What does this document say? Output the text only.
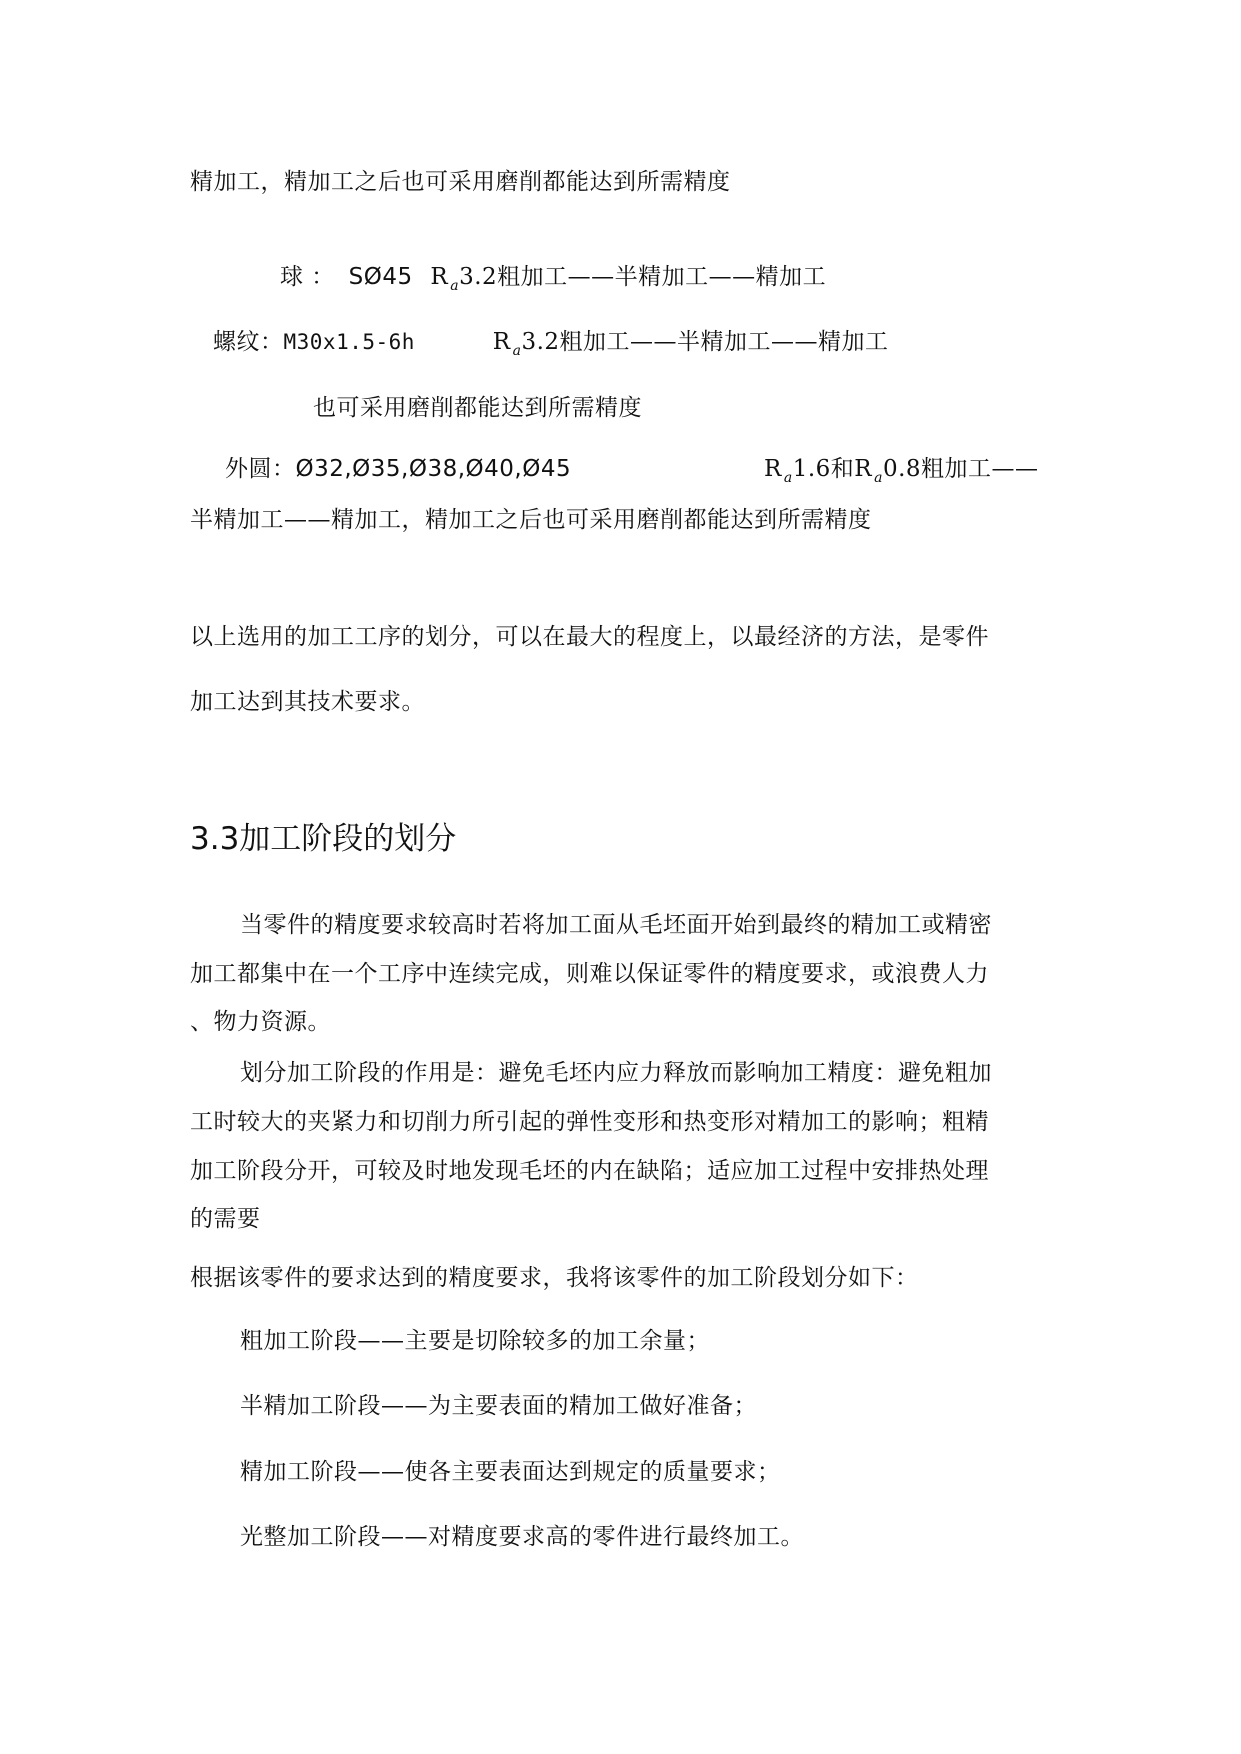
精加工，精加工之后也可采用磨削都能达到所需精度
球 ： SØ45 R $_a$3.2粗加工——半精加工——精加工
螺纹：M30x1.5-6h	R $_a$3.2粗加工——半精加工——精加工
也可采用磨削都能达到所需精度
外圆：Ø32,Ø35,Ø38,Ø40,Ø45	R $_a$1.6和R $_a$0.8粗加工——
半精加工——精加工，精加工之后也可采用磨削都能达到所需精度
以上选用的加工工序的划分，可以在最大的程度上，以最经济的方法，是零件
加工达到其技术要求。
3.3加工阶段的划分
当零件的精度要求较高时若将加工面从毛坯面开始到最终的精加工或精密
加工都集中在一个工序中连续完成，则难以保证零件的精度要求，或浪费人力
、物力资源。
划分加工阶段的作用是：避免毛坯内应力释放而影响加工精度：避免粗加
工时较大的夹紧力和切削力所引起的弹性变形和热变形对精加工的影响；粗精
加工阶段分开，可较及时地发现毛坯的内在缺陷；适应加工过程中安排热处理
的需要
根据该零件的要求达到的精度要求，我将该零件的加工阶段划分如下：
粗加工阶段——主要是切除较多的加工余量；
半精加工阶段——为主要表面的精加工做好准备；
精加工阶段——使各主要表面达到规定的质量要求；
光整加工阶段——对精度要求高的零件进行最终加工。
